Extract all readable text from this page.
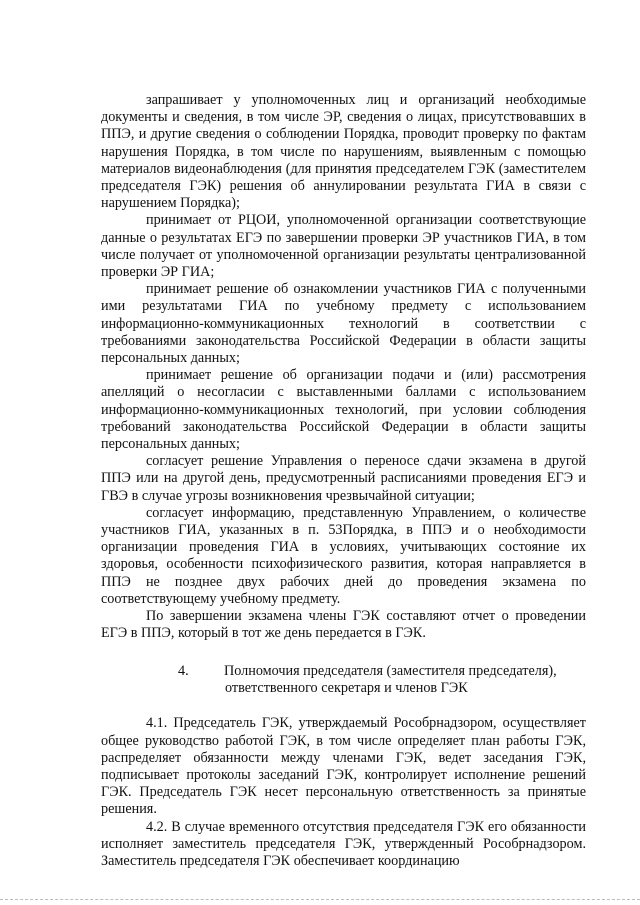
запрашивает у уполномоченных лиц и организаций необходимые документы и сведения, в том числе ЭР, сведения о лицах, присутствовавших в ППЭ, и другие сведения о соблюдении Порядка, проводит проверку по фактам нарушения Порядка, в том числе по нарушениям, выявленным с помощью материалов видеонаблюдения (для принятия председателем ГЭК (заместителем председателя ГЭК) решения об аннулировании результата ГИА в связи с нарушением Порядка);

принимает от РЦОИ, уполномоченной организации соответствующие данные о результатах ЕГЭ по завершении проверки ЭР участников ГИА, в том числе получает от уполномоченной организации результаты централизованной проверки ЭР ГИА;

принимает решение об ознакомлении участников ГИА с полученными ими результатами ГИА по учебному предмету с использованием информационно-коммуникационных технологий в соответствии с требованиями законодательства Российской Федерации в области защиты персональных данных;

принимает решение об организации подачи и (или) рассмотрения апелляций о несогласии с выставленными баллами с использованием информационно-коммуникационных технологий, при условии соблюдения требований законодательства Российской Федерации в области защиты персональных данных;

согласует решение Управления о переносе сдачи экзамена в другой ППЭ или на другой день, предусмотренный расписаниями проведения ЕГЭ и ГВЭ в случае угрозы возникновения чрезвычайной ситуации;

согласует информацию, представленную Управлением, о количестве участников ГИА, указанных в п. 53Порядка, в ППЭ и о необходимости организации проведения ГИА в условиях, учитывающих состояние их здоровья, особенности психофизического развития, которая направляется в ППЭ не позднее двух рабочих дней до проведения экзамена по соответствующему учебному предмету.

По завершении экзамена члены ГЭК составляют отчет о проведении ЕГЭ в ППЭ, который в тот же день передается в ГЭК.

4. Полномочия председателя (заместителя председателя),
ответственного секретаря и членов ГЭК

4.1. Председатель ГЭК, утверждаемый Рособрнадзором, осуществляет общее руководство работой ГЭК, в том числе определяет план работы ГЭК, распределяет обязанности между членами ГЭК, ведет заседания ГЭК, подписывает протоколы заседаний ГЭК, контролирует исполнение решений ГЭК. Председатель ГЭК несет персональную ответственность за принятые решения.

4.2. В случае временного отсутствия председателя ГЭК его обязанности исполняет заместитель председателя ГЭК, утвержденный Рособрнадзором. Заместитель председателя ГЭК обеспечивает координацию
